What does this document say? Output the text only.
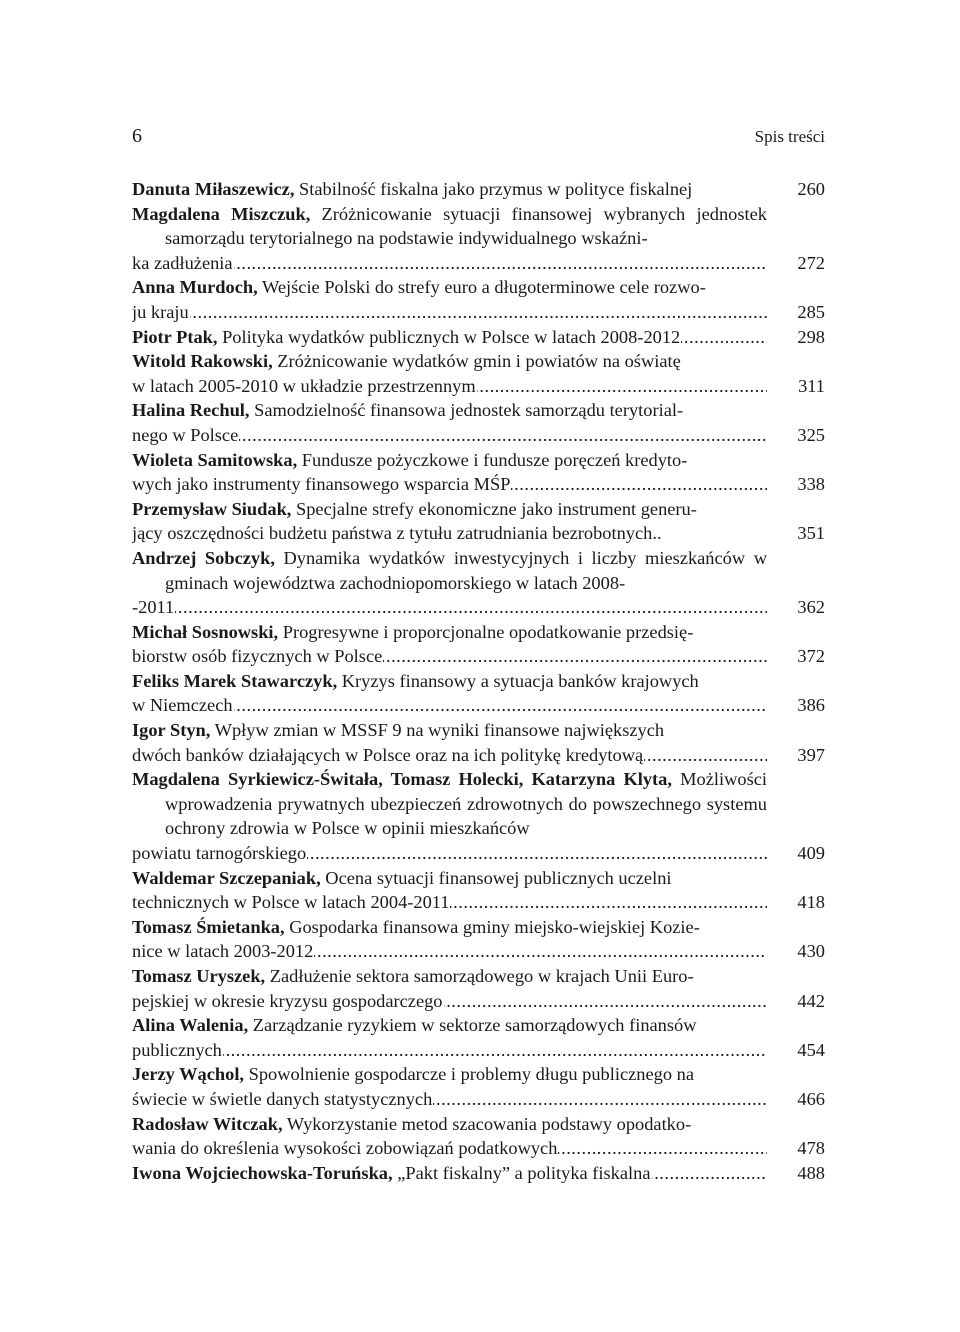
6	Spis treści
Danuta Miłaszewicz, Stabilność fiskalna jako przymus w polityce fiskalnej	260
Magdalena Miszczuk, Zróżnicowanie sytuacji finansowej wybranych jednostek samorządu terytorialnego na podstawie indywidualnego wskaźni-
ka zadłużenia .....	272
Anna Murdoch, Wejście Polski do strefy euro a długoterminowe cele rozwo-
ju kraju .....	285
Piotr Ptak, Polityka wydatków publicznych w Polsce w latach 2008-2012 .....	298
Witold Rakowski, Zróżnicowanie wydatków gmin i powiatów na oświatę
w latach 2005-2010 w układzie przestrzennym .....	311
Halina Rechul, Samodzielność finansowa jednostek samorządu terytorial-
nego w Polsce .....	325
Wioleta Samitowska, Fundusze pożyczkowe i fundusze poręczeń kredyto-
wych jako instrumenty finansowego wsparcia MŚP .....	338
Przemysław Siudak, Specjalne strefy ekonomiczne jako instrument generu-
jący oszczędności budżetu państwa z tytułu zatrudniania bezrobotnych..	351
Andrzej Sobczyk, Dynamika wydatków inwestycyjnych i liczby mieszkańców w gminach województwa zachodniopomorskiego w latach 2008-
-2011 .....	362
Michał Sosnowski, Progresywne i proporcjonalne opodatkowanie przedsię-
biorstw osób fizycznych w Polsce .....	372
Feliks Marek Stawarczyk, Kryzys finansowy a sytuacja banków krajowych
w Niemczech .....	386
Igor Styn, Wpływ zmian w MSSF 9 na wyniki finansowe największych
dwóch banków działających w Polsce oraz na ich politykę kredytową .....	397
Magdalena Syrkiewicz-Świtała, Tomasz Holecki, Katarzyna Klyta, Możliwości wprowadzenia prywatnych ubezpieczeń zdrowotnych do powszechnego systemu ochrony zdrowia w Polsce w opinii mieszkańców
powiatu tarnogórskiego .....	409
Waldemar Szczepaniak, Ocena sytuacji finansowej publicznych uczelni
technicznych w Polsce w latach 2004-2011 .....	418
Tomasz Śmietanka, Gospodarka finansowa gminy miejsko-wiejskiej Kozie-
nice w latach 2003-2012 .....	430
Tomasz Uryszek, Zadłużenie sektora samorządowego w krajach Unii Euro-
pejskiej w okresie kryzysu gospodarczego .....	442
Alina Walenia, Zarządzanie ryzykiem w sektorze samorządowych finansów
publicznych .....	454
Jerzy Wąchol, Spowolnienie gospodarcze i problemy długu publicznego na
świecie w świetle danych statystycznych .....	466
Radosław Witczak, Wykorzystanie metod szacowania podstawy opodatko-
wania do określenia wysokości zobowiązań podatkowych .....	478
Iwona Wojciechowska-Toruńska, „Pakt fiskalny” a polityka fiskalna .....	488
